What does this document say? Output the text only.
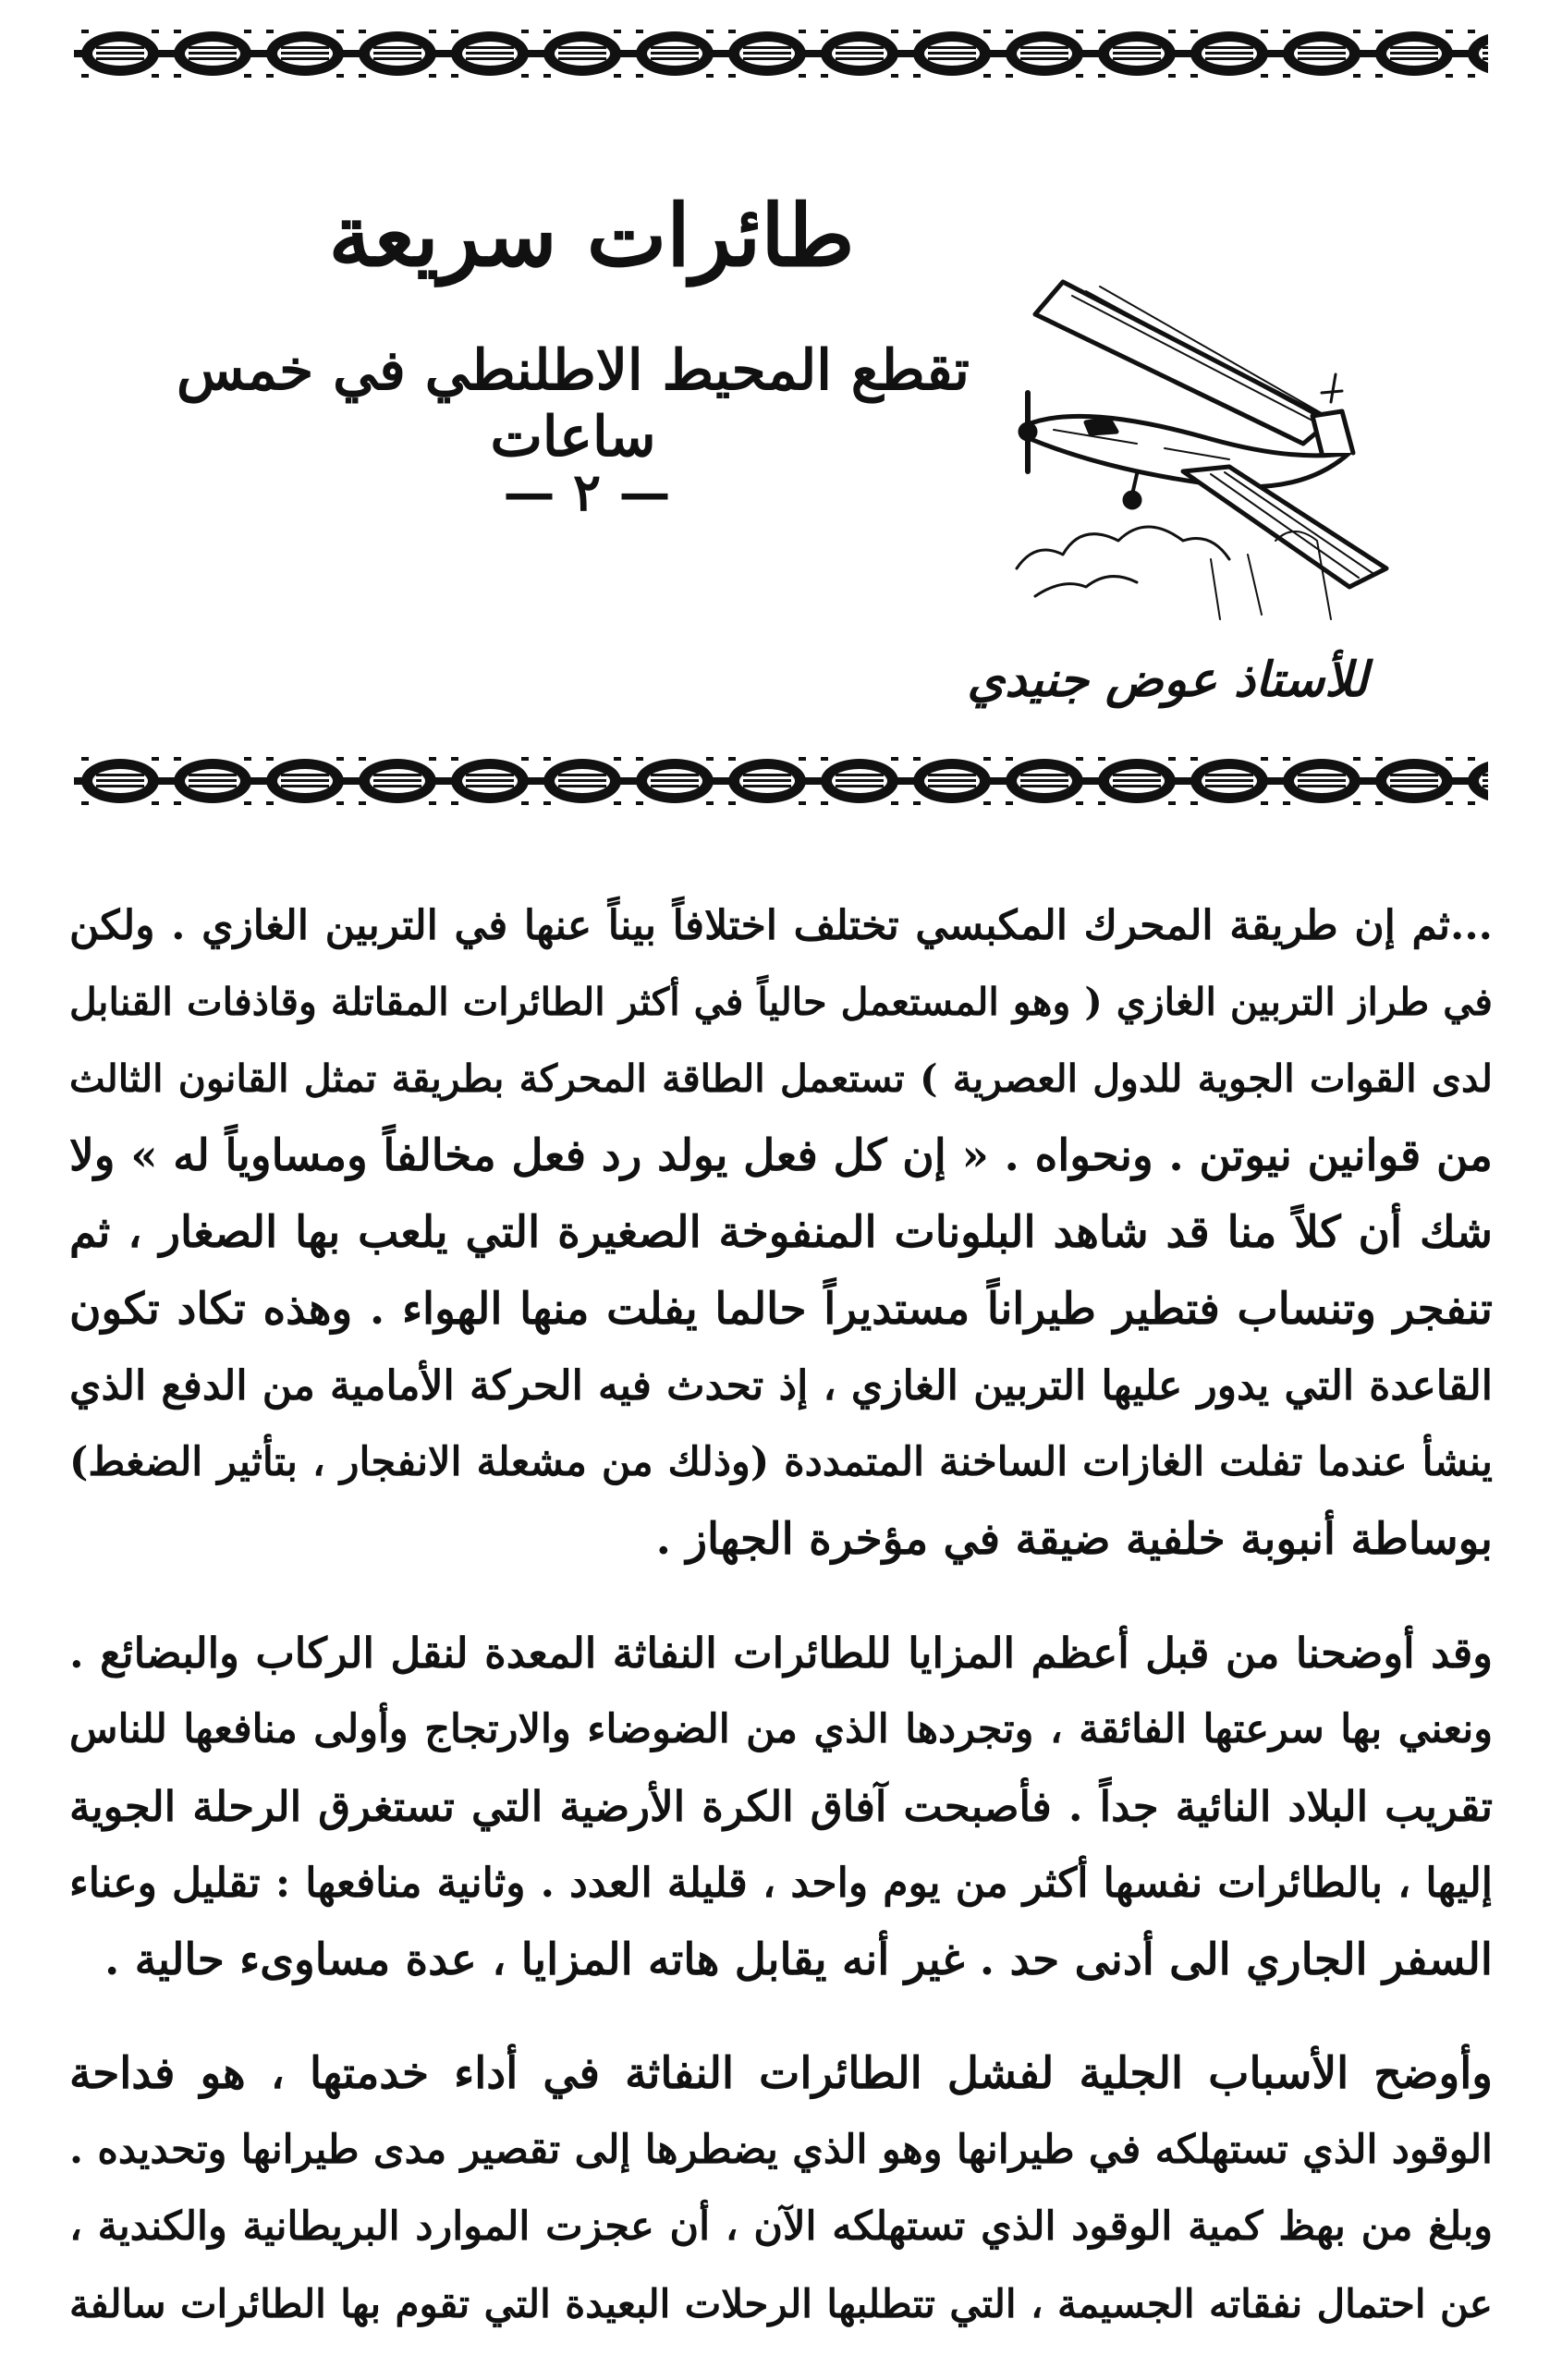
طائرات سريعة
تقطع المحيط الاطلنطي في خمس ساعات
— ٢ —
للأستاذ عوض جنيدي

...ثم إن طريقة المحرك المكبسي تختلف اختلافاً بيناً عنها في التربين الغازي . ولكن
في طراز التربين الغازي ( وهو المستعمل حالياً في أكثر الطائرات المقاتلة وقاذفات القنابل
لدى القوات الجوية للدول العصرية ) تستعمل الطاقة المحركة بطريقة تمثل القانون الثالث
من قوانين نيوتن . ونحواه . « إن كل فعل يولد رد فعل مخالفاً ومساوياً له » ولا
شك أن كلاً منا قد شاهد البلونات المنفوخة الصغيرة التي يلعب بها الصغار ، ثم
تنفجر وتنساب فتطير طيراناً مستديراً حالما يفلت منها الهواء . وهذه تكاد تكون
القاعدة التي يدور عليها التربين الغازي ، إذ تحدث فيه الحركة الأمامية من الدفع الذي
ينشأ عندما تفلت الغازات الساخنة المتمددة (وذلك من مشعلة الانفجار ، بتأثير الضغط)
بوساطة أنبوبة خلفية ضيقة في مؤخرة الجهاز .

وقد أوضحنا من قبل أعظم المزايا للطائرات النفاثة المعدة لنقل الركاب والبضائع .
ونعني بها سرعتها الفائقة ، وتجردها الذي من الضوضاء والارتجاج وأولى منافعها للناس
تقريب البلاد النائية جداً . فأصبحت آفاق الكرة الأرضية التي تستغرق الرحلة الجوية
إليها ، بالطائرات نفسها أكثر من يوم واحد ، قليلة العدد . وثانية منافعها : تقليل وعناء
السفر الجاري الى أدنى حد . غير أنه يقابل هاته المزايا ، عدة مساوىء حالية .

وأوضح الأسباب الجلية لفشل الطائرات النفاثة في أداء خدمتها ، هو فداحة
الوقود الذي تستهلكه في طيرانها وهو الذي يضطرها إلى تقصير مدى طيرانها وتحديده .
وبلغ من بهظ كمية الوقود الذي تستهلكه الآن ، أن عجزت الموارد البريطانية والكندية ،
عن احتمال نفقاته الجسيمة ، التي تتطلبها الرحلات البعيدة التي تقوم بها الطائرات سالفة
